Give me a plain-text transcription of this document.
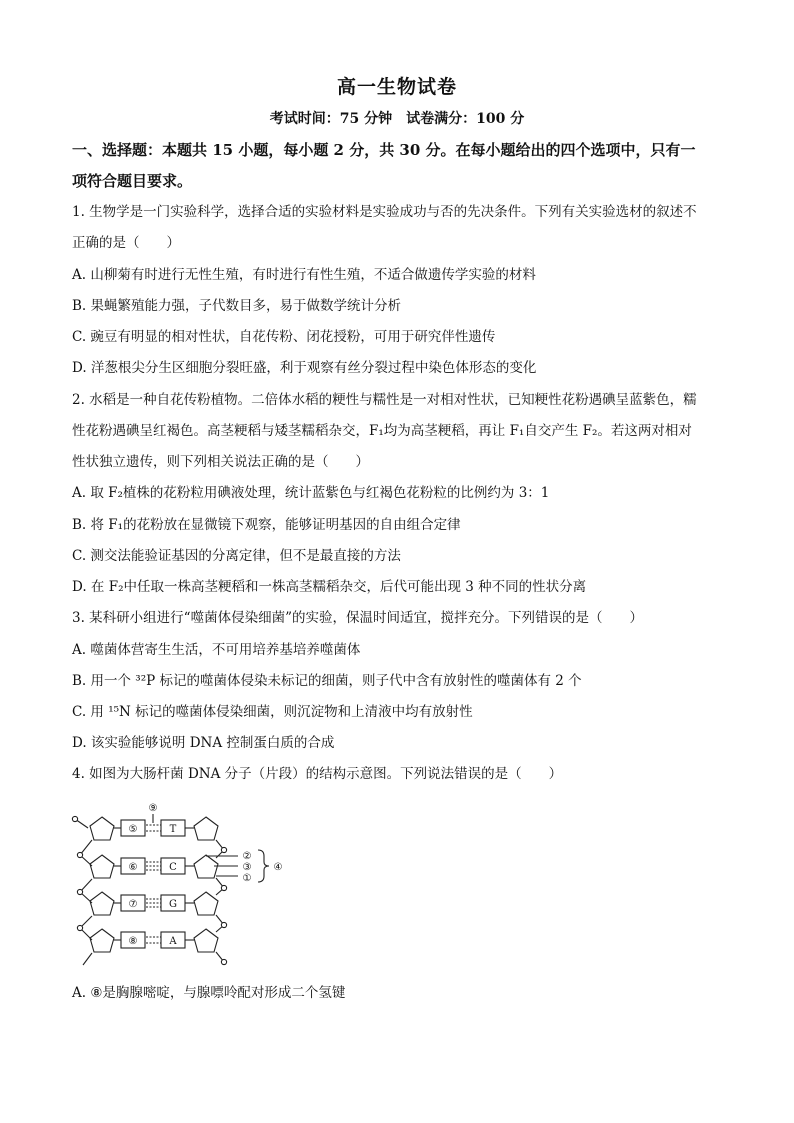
高一生物试卷
考试时间：75 分钟　试卷满分：100 分
一、选择题：本题共 15 小题，每小题 2 分，共 30 分。在每小题给出的四个选项中，只有一
项符合题目要求。
1. 生物学是一门实验科学，选择合适的实验材料是实验成功与否的先决条件。下列有关实验选材的叙述不
正确的是（　　）
A. 山柳菊有时进行无性生殖，有时进行有性生殖，不适合做遗传学实验的材料
B. 果蝇繁殖能力强，子代数目多，易于做数学统计分析
C. 豌豆有明显的相对性状，自花传粉、闭花授粉，可用于研究伴性遗传
D. 洋葱根尖分生区细胞分裂旺盛，利于观察有丝分裂过程中染色体形态的变化
2. 水稻是一种自花传粉植物。二倍体水稻的粳性与糯性是一对相对性状，已知粳性花粉遇碘呈蓝紫色，糯
性花粉遇碘呈红褐色。高茎粳稻与矮茎糯稻杂交，F₁均为高茎粳稻，再让 F₁自交产生 F₂。若这两对相对
性状独立遗传，则下列相关说法正确的是（　　）
A. 取 F₂植株的花粉粒用碘液处理，统计蓝紫色与红褐色花粉粒的比例约为 3：1
B. 将 F₁的花粉放在显微镜下观察，能够证明基因的自由组合定律
C. 测交法能验证基因的分离定律，但不是最直接的方法
D. 在 F₂中任取一株高茎粳稻和一株高茎糯稻杂交，后代可能出现 3 种不同的性状分离
3. 某科研小组进行“噬菌体侵染细菌”的实验，保温时间适宜，搅拌充分。下列错误的是（　　）
A. 噬菌体营寄生生活，不可用培养基培养噬菌体
B. 用一个 ³²P 标记的噬菌体侵染未标记的细菌，则子代中含有放射性的噬菌体有 2 个
C. 用 ¹⁵N 标记的噬菌体侵染细菌，则沉淀物和上清液中均有放射性
D. 该实验能够说明 DNA 控制蛋白质的合成
4. 如图为大肠杆菌 DNA 分子（片段）的结构示意图。下列说法错误的是（　　）
⑤
⑥
⑦
⑧
T
C
G
A
⑨
②
③
①
④
A. ⑧是胸腺嘧啶，与腺嘌呤配对形成二个氢键
